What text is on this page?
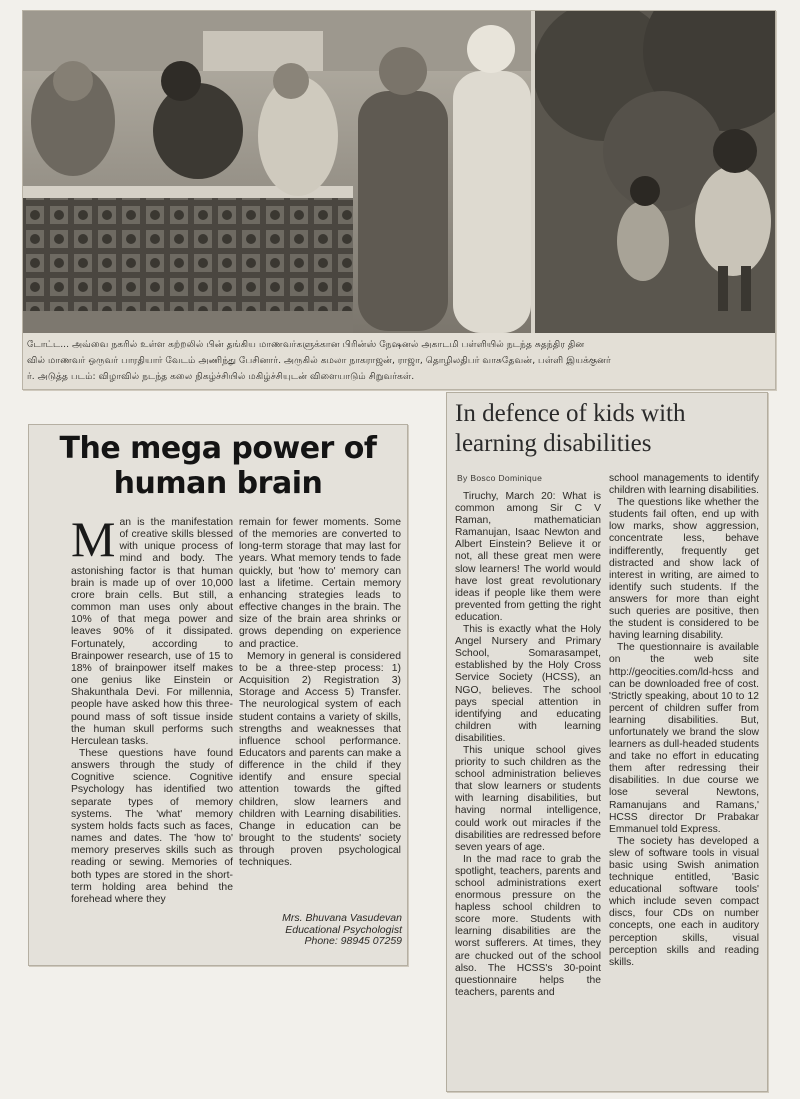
டோட்ட... அவ்வை நகரில் உள்ள கற்றலில் பின் தங்கிய மாணவர்களுக்கான பிரின்ஸ் நேஷனல் அகாடமி பள்ளியில் நடந்த சுதந்திர தின
வில் மாணவர் ஒருவர் பாரதியார் வேடம் அணிந்து பேசினார். அருகில் கமலா நாகராஜன், ராஜா, தொழிலதிபர் வாசுதேவன், பள்ளி இயக்குனர்
ர். அடுத்த படம்: விழாவில் நடந்த கலை நிகழ்ச்சியில் மகிழ்ச்சியுடன் விளையாடும் சிறுவர்கள்.
The mega power of
human brain

Man is the manifestation of creative skills blessed with unique process of mind and body. The astonishing factor is that human brain is made up of over 10,000 crore brain cells. But still, a common man uses only about 10% of that mega power and leaves 90% of it dissipated. Fortunately, according to Brainpower research, use of 15 to 18% of brainpower itself makes one genius like Einstein or Shakunthala Devi. For millennia, people have asked how this three-pound mass of soft tissue inside the human skull performs such Herculean tasks.

These questions have found answers through the study of Cognitive science. Cognitive Psychology has identified two separate types of memory systems. The 'what' memory system holds facts such as faces, names and dates. The 'how to' memory preserves skills such as reading or sewing. Memories of both types are stored in the short-term holding area behind the forehead where they

remain for fewer moments. Some of the memories are converted to long-term storage that may last for years. What memory tends to fade quickly, but 'how to' memory can last a lifetime. Certain memory enhancing strategies leads to effective changes in the brain. The size of the brain area shrinks or grows depending on experience and practice.

Memory in general is considered to be a three-step process: 1) Acquisition 2) Registration 3) Storage and Access 5) Transfer. The neurological system of each student contains a variety of skills, strengths and weaknesses that influence school performance. Educators and parents can make a difference in the child if they identify and ensure special attention towards the gifted children, slow learners and children with Learning disabilities. Change in education can be brought to the students' society through proven psychological techniques.

Mrs. Bhuvana Vasudevan
Educational Psychologist
Phone: 98945 07259
In defence of kids with learning disabilities
By Bosco Dominique

Tiruchy, March 20: What is common among Sir C V Raman, mathematician Ramanujan, Isaac Newton and Albert Einstein? Believe it or not, all these great men were slow learners! The world would have lost great revolutionary ideas if people like them were prevented from getting the right education.

This is exactly what the Holy Angel Nursery and Primary School, Somarasampet, established by the Holy Cross Service Society (HCSS), an NGO, believes. The school pays special attention in identifying and educating children with learning disabilities.

This unique school gives priority to such children as the school administration believes that slow learners or students with learning disabilities, but having normal intelligence, could work out miracles if the disabilities are redressed before seven years of age.

In the mad race to grab the spotlight, teachers, parents and school administrations exert enormous pressure on the hapless school children to score more. Students with learning disabilities are the worst sufferers. At times, they are chucked out of the school also. The HCSS's 30-point questionnaire helps the teachers, parents and

school managements to identify children with learning disabilities.

The questions like whether the students fail often, end up with low marks, show aggression, concentrate less, behave indifferently, frequently get distracted and show lack of interest in writing, are aimed to identify such students. If the answers for more than eight such queries are positive, then the student is considered to be having learning disability.

The questionnaire is available on the web site http://geocities.com/ld-hcss and can be downloaded free of cost. 'Strictly speaking, about 10 to 12 percent of children suffer from learning disabilities. But, unfortunately we brand the slow learners as dull-headed students and take no effort in educating them after redressing their disabilities. In due course we lose several Newtons, Ramanujans and Ramans,' HCSS director Dr Prabakar Emmanuel told Express.

The society has developed a slew of software tools in visual basic using Swish animation technique entitled, 'Basic educational software tools' which include seven compact discs, four CDs on number concepts, one each in auditory perception skills, visual perception skills and reading skills.
